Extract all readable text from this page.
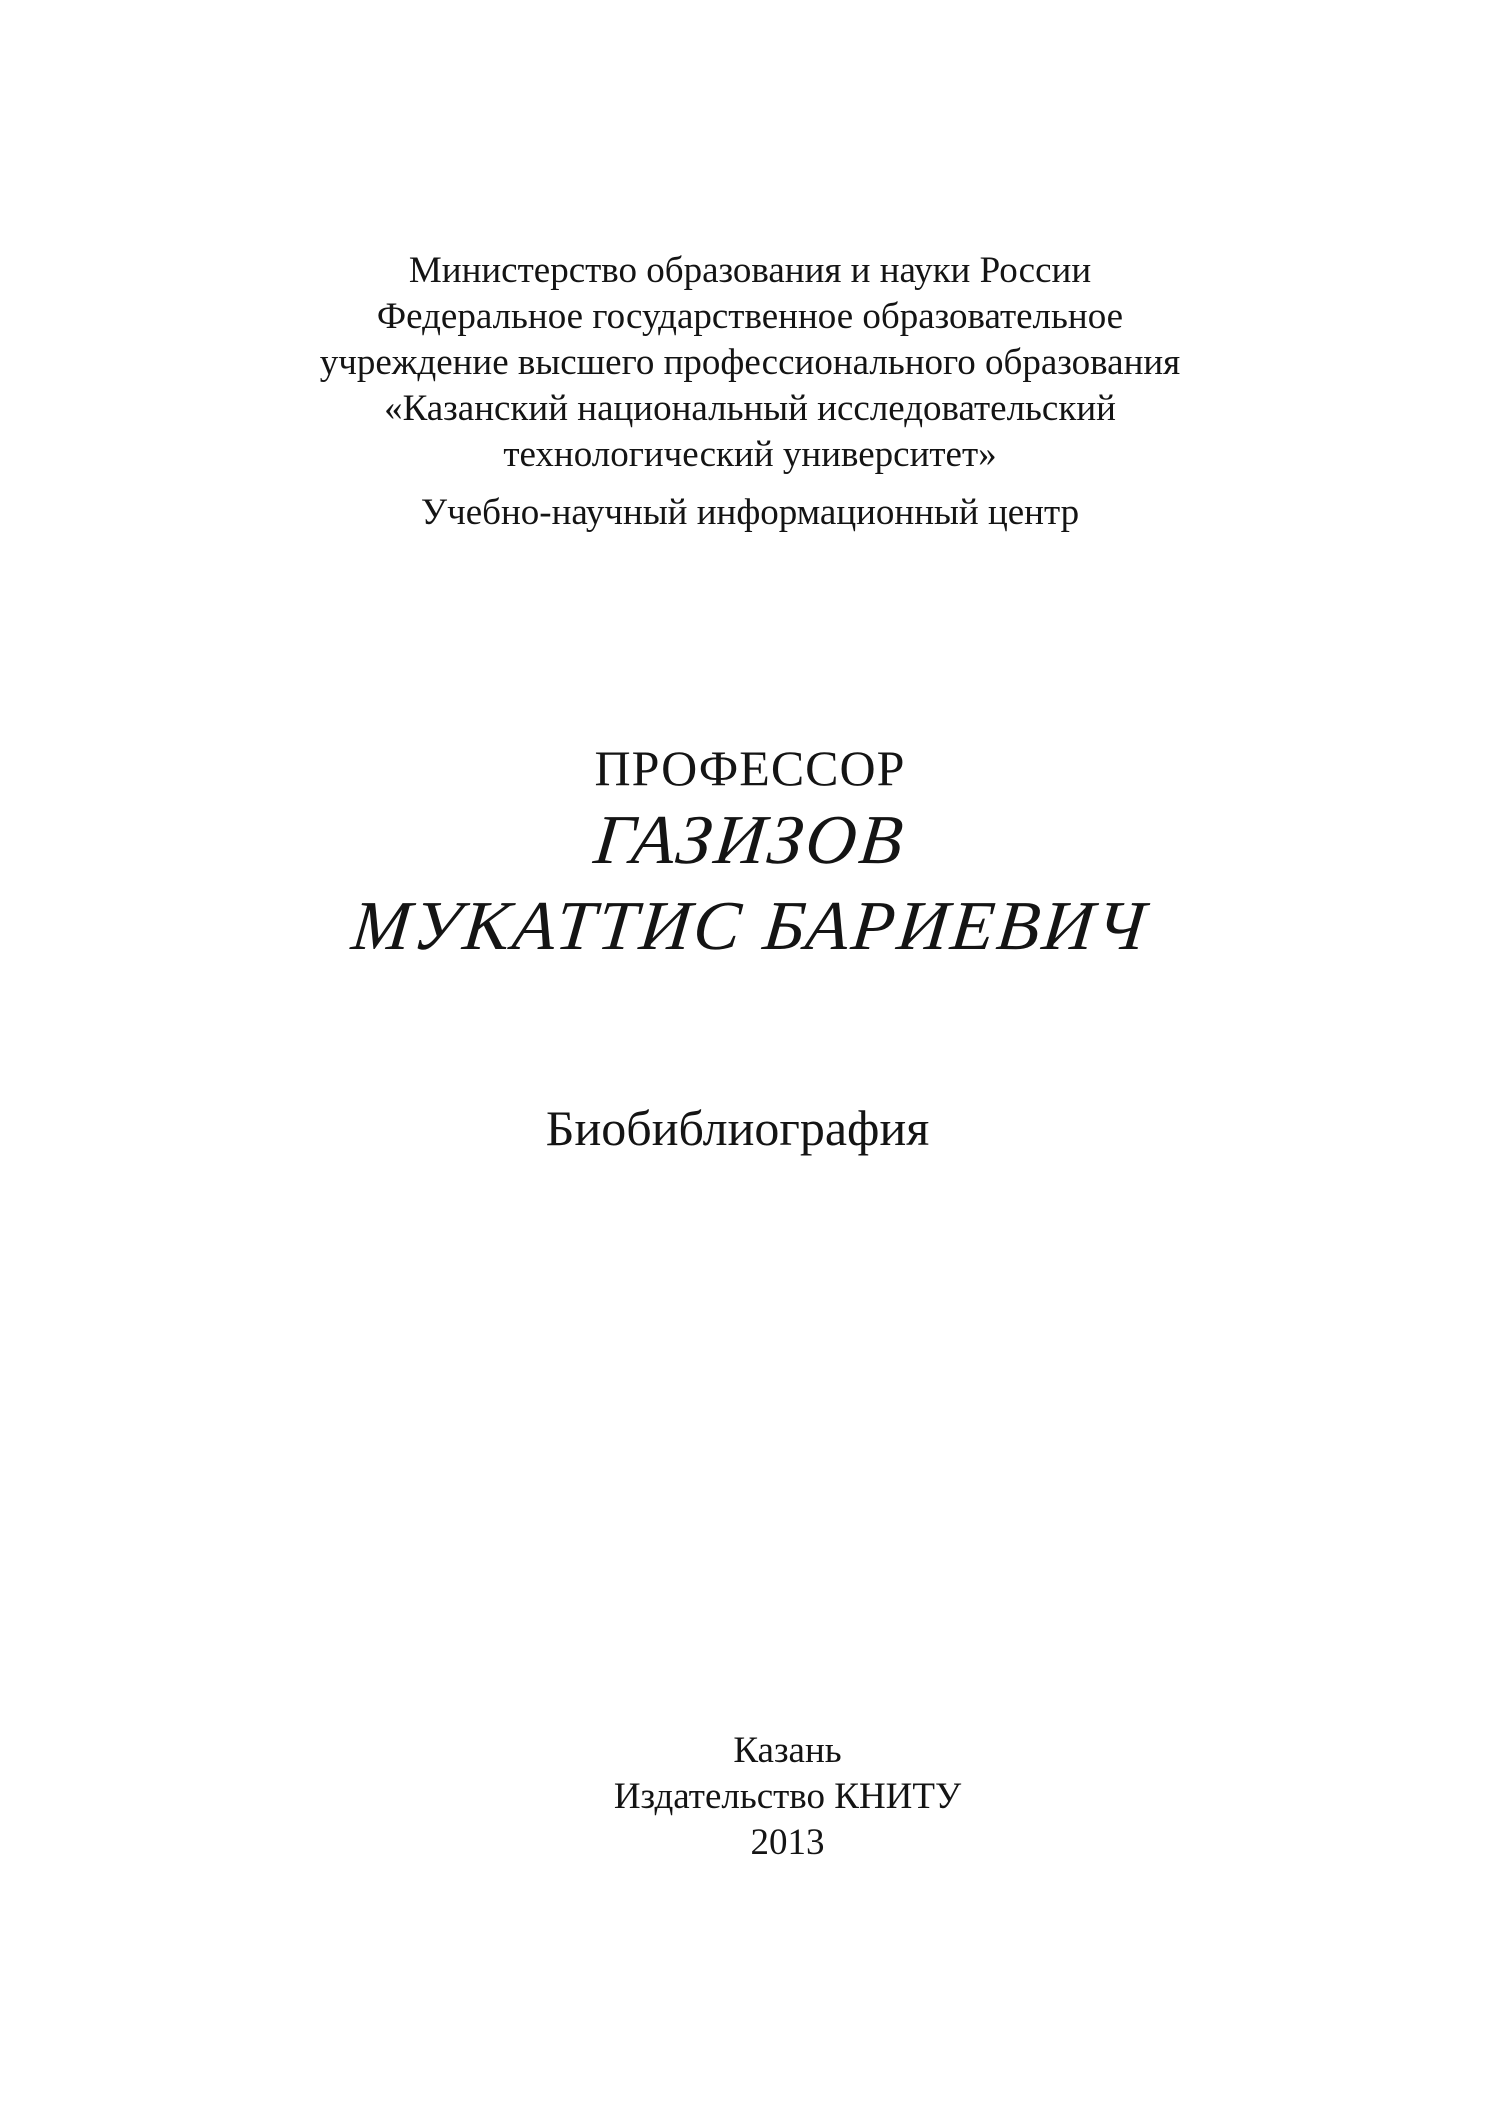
Министерство образования и науки России
Федеральное государственное образовательное
учреждение высшего профессионального образования
«Казанский национальный исследовательский
технологический университет»
Учебно-научный информационный центр
ПРОФЕССОР
ГАЗИЗОВ
МУКАТТИС БАРИЕВИЧ
Биобиблиография
Казань
Издательство КНИТУ
2013
